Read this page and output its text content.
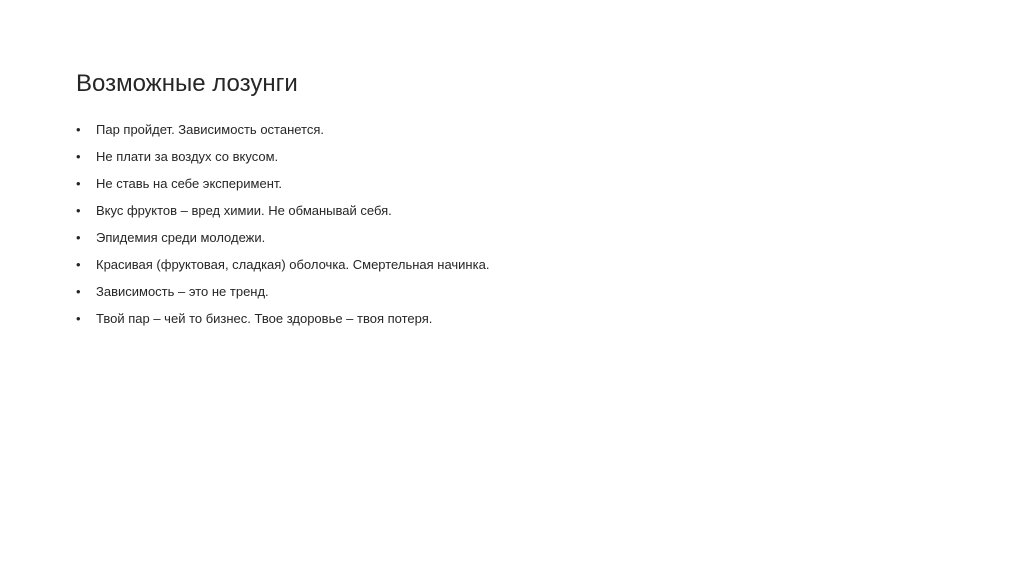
Возможные лозунги
•	Пар пройдет. Зависимость останется.
•	Не плати за воздух со вкусом.
•	Не ставь на себе эксперимент.
•	Вкус фруктов – вред химии. Не обманывай себя.
•	Эпидемия среди молодежи.
•	Красивая (фруктовая, сладкая) оболочка. Смертельная начинка.
•	Зависимость – это не тренд.
•	Твой пар – чей то бизнес. Твое здоровье – твоя потеря.
